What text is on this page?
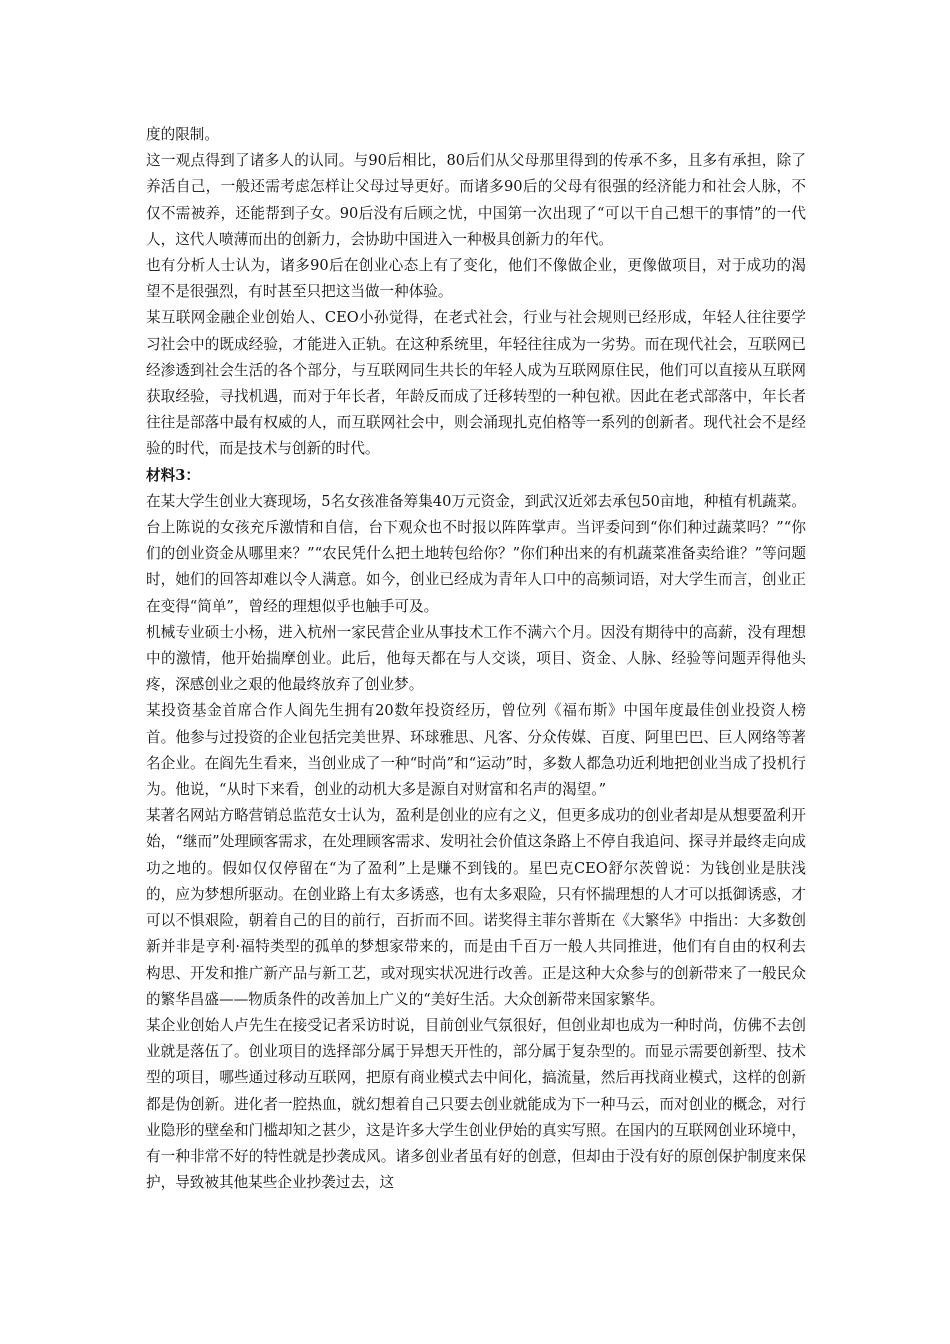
度的限制。

这一观点得到了诸多人的认同。与90后相比，80后们从父母那里得到的传承不多，且多有承担，除了养活自己，一般还需考虑怎样让父母过导更好。而诸多90后的父母有很强的经济能力和社会人脉，不仅不需被养，还能帮到子女。90后没有后顾之忧，中国第一次出现了“可以干自己想干的事情”的一代人，这代人喷薄而出的创新力，会协助中国进入一种极具创新力的年代。

也有分析人士认为，诸多90后在创业心态上有了变化，他们不像做企业，更像做项目，对于成功的渴望不是很强烈，有时甚至只把这当做一种体验。

某互联网金融企业创始人、CEO小孙觉得，在老式社会，行业与社会规则已经形成，年轻人往往要学习社会中的既成经验，才能进入正轨。在这种系统里，年轻往往成为一劣势。而在现代社会，互联网已经渗透到社会生活的各个部分，与互联网同生共长的年轻人成为互联网原住民，他们可以直接从互联网获取经验，寻找机遇，而对于年长者，年龄反而成了迁移转型的一种包袱。因此在老式部落中，年长者往往是部落中最有权威的人，而互联网社会中，则会涌现扎克伯格等一系列的创新者。现代社会不是经验的时代，而是技术与创新的时代。

材料3：

在某大学生创业大赛现场，5名女孩准备筹集40万元资金，到武汉近郊去承包50亩地，种植有机蔬菜。台上陈说的女孩充斥激情和自信，台下观众也不时报以阵阵掌声。当评委问到“你们种过蔬菜吗？”“你们的创业资金从哪里来？”“农民凭什么把土地转包给你？”你们种出来的有机蔬菜准备卖给谁？”等问题时，她们的回答却难以令人满意。如今，创业已经成为青年人口中的高频词语，对大学生而言，创业正在变得“简单”，曾经的理想似乎也触手可及。

机械专业硕士小杨，进入杭州一家民营企业从事技术工作不满六个月。因没有期待中的高薪，没有理想中的激情，他开始揣摩创业。此后，他每天都在与人交谈，项目、资金、人脉、经验等问题弄得他头疼，深感创业之艰的他最终放弃了创业梦。

某投资基金首席合作人阎先生拥有20数年投资经历，曾位列《福布斯》中国年度最佳创业投资人榜首。他参与过投资的企业包括完美世界、环球雅思、凡客、分众传媒、百度、阿里巴巴、巨人网络等著名企业。在阎先生看来，当创业成了一种“时尚”和“运动”时，多数人都急功近利地把创业当成了投机行为。他说，“从时下来看，创业的动机大多是源自对财富和名声的渴望。”

某著名网站方略营销总监范女士认为，盈利是创业的应有之义，但更多成功的创业者却是从想要盈利开始，“继而”处理顾客需求，在处理顾客需求、发明社会价值这条路上不停自我追问、探寻并最终走向成功之地的。假如仅仅停留在“为了盈利”上是赚不到钱的。星巴克CEO舒尔茨曾说：为钱创业是肤浅的，应为梦想所驱动。在创业路上有太多诱惑，也有太多艰险，只有怀揣理想的人才可以抵御诱惑，才可以不惧艰险，朝着自己的目的前行，百折而不回。诺奖得主菲尔普斯在《大繁华》中指出：大多数创新并非是亨利·福特类型的孤单的梦想家带来的，而是由千百万一般人共同推进，他们有自由的权利去构思、开发和推广新产品与新工艺，或对现实状况进行改善。正是这种大众参与的创新带来了一般民众的繁华昌盛——物质条件的改善加上广义的“美好生活。大众创新带来国家繁华。

某企业创始人卢先生在接受记者采访时说，目前创业气氛很好，但创业却也成为一种时尚，仿佛不去创业就是落伍了。创业项目的选择部分属于异想天开性的，部分属于复杂型的。而显示需要创新型、技术型的项目，哪些通过移动互联网，把原有商业模式去中间化，搞流量，然后再找商业模式，这样的创新都是伪创新。进化者一腔热血，就幻想着自己只要去创业就能成为下一种马云，而对创业的概念，对行业隐形的壁垒和门槛却知之甚少，这是许多大学生创业伊始的真实写照。在国内的互联网创业环境中，有一种非常不好的特性就是抄袭成风。诸多创业者虽有好的创意，但却由于没有好的原创保护制度来保护，导致被其他某些企业抄袭过去，这
